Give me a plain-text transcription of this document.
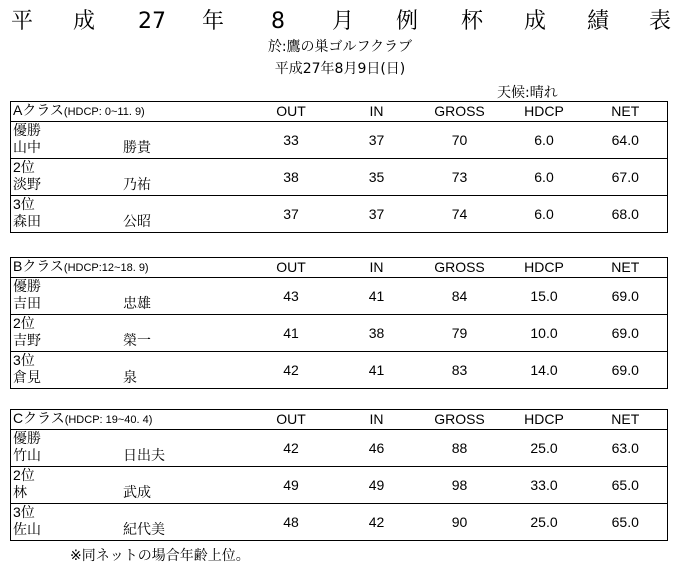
平 成 27 年 8 月 例 杯 成 績 表
於:鷹の巣ゴルフクラブ
平成27年8月9日(日)
天候:晴れ
Aクラス(HDCP: 0~11. 9)	OUT	IN	GROSS	HDCP	NET

優勝
山中 勝貴	33	37	70	6.0	64.0

2位
淡野 乃祐	38	35	73	6.0	67.0

3位
森田 公昭	37	37	74	6.0	68.0
Bクラス(HDCP:12~18. 9)	OUT	IN	GROSS	HDCP	NET

優勝
吉田 忠雄	43	41	84	15.0	69.0

2位
吉野 榮一	41	38	79	10.0	69.0

3位
倉見 泉	42	41	83	14.0	69.0
Cクラス(HDCP: 19~40. 4)	OUT	IN	GROSS	HDCP	NET

優勝
竹山 日出夫	42	46	88	25.0	63.0

2位
林 武成	49	49	98	33.0	65.0

3位
佐山 紀代美	48	42	90	25.0	65.0
※同ネットの場合年齢上位。
